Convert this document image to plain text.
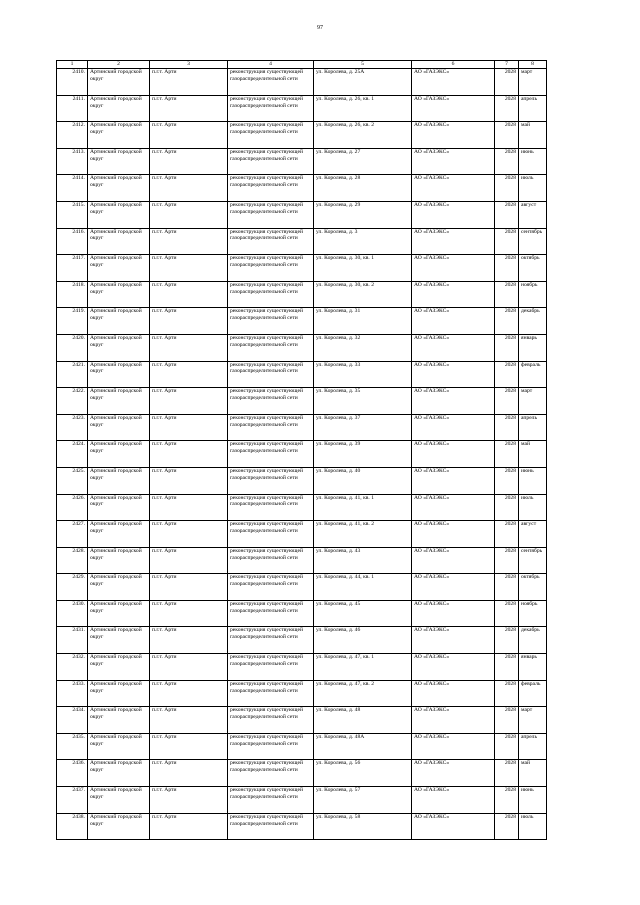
97
1	2	3	4	5	6	7	8
2410.	Артинский городской округ	п.г.т. Арти	реконструкция существующей газораспределительной сети	ул. Королева, д. 25А	АО «ГАЗЭКС»	2028	март
2411.	Артинский городской округ	п.г.т. Арти	реконструкция существующей газораспределительной сети	ул. Королева, д. 26, кв. 1	АО «ГАЗЭКС»	2028	апрель
2412.	Артинский городской округ	п.г.т. Арти	реконструкция существующей газораспределительной сети	ул. Королева, д. 26, кв. 2	АО «ГАЗЭКС»	2028	май
2413.	Артинский городской округ	п.г.т. Арти	реконструкция существующей газораспределительной сети	ул. Королева, д. 27	АО «ГАЗЭКС»	2028	июнь
2414.	Артинский городской округ	п.г.т. Арти	реконструкция существующей газораспределительной сети	ул. Королева, д. 28	АО «ГАЗЭКС»	2028	июль
2415.	Артинский городской округ	п.г.т. Арти	реконструкция существующей газораспределительной сети	ул. Королева, д. 29	АО «ГАЗЭКС»	2028	август
2416.	Артинский городской округ	п.г.т. Арти	реконструкция существующей газораспределительной сети	ул. Королева, д. 3	АО «ГАЗЭКС»	2028	сентябрь
2417.	Артинский городской округ	п.г.т. Арти	реконструкция существующей газораспределительной сети	ул. Королева, д. 30, кв. 1	АО «ГАЗЭКС»	2028	октябрь
2418.	Артинский городской округ	п.г.т. Арти	реконструкция существующей газораспределительной сети	ул. Королева, д. 30, кв. 2	АО «ГАЗЭКС»	2028	ноябрь
2419.	Артинский городской округ	п.г.т. Арти	реконструкция существующей газораспределительной сети	ул. Королева, д. 31	АО «ГАЗЭКС»	2028	декабрь
2420.	Артинский городской округ	п.г.т. Арти	реконструкция существующей газораспределительной сети	ул. Королева, д. 32	АО «ГАЗЭКС»	2028	январь
2421.	Артинский городской округ	п.г.т. Арти	реконструкция существующей газораспределительной сети	ул. Королева, д. 33	АО «ГАЗЭКС»	2028	февраль
2422.	Артинский городской округ	п.г.т. Арти	реконструкция существующей газораспределительной сети	ул. Королева, д. 35	АО «ГАЗЭКС»	2028	март
2423.	Артинский городской округ	п.г.т. Арти	реконструкция существующей газораспределительной сети	ул. Королева, д. 37	АО «ГАЗЭКС»	2028	апрель
2424.	Артинский городской округ	п.г.т. Арти	реконструкция существующей газораспределительной сети	ул. Королева, д. 39	АО «ГАЗЭКС»	2028	май
2425.	Артинский городской округ	п.г.т. Арти	реконструкция существующей газораспределительной сети	ул. Королева, д. 40	АО «ГАЗЭКС»	2028	июнь
2426.	Артинский городской округ	п.г.т. Арти	реконструкция существующей газораспределительной сети	ул. Королева, д. 41, кв. 1	АО «ГАЗЭКС»	2028	июль
2427.	Артинский городской округ	п.г.т. Арти	реконструкция существующей газораспределительной сети	ул. Королева, д. 41, кв. 2	АО «ГАЗЭКС»	2028	август
2428.	Артинский городской округ	п.г.т. Арти	реконструкция существующей газораспределительной сети	ул. Королева, д. 43	АО «ГАЗЭКС»	2028	сентябрь
2429.	Артинский городской округ	п.г.т. Арти	реконструкция существующей газораспределительной сети	ул. Королева, д. 44, кв. 1	АО «ГАЗЭКС»	2028	октябрь
2430.	Артинский городской округ	п.г.т. Арти	реконструкция существующей газораспределительной сети	ул. Королева, д. 45	АО «ГАЗЭКС»	2028	ноябрь
2431.	Артинский городской округ	п.г.т. Арти	реконструкция существующей газораспределительной сети	ул. Королева, д. 46	АО «ГАЗЭКС»	2028	декабрь
2432.	Артинский городской округ	п.г.т. Арти	реконструкция существующей газораспределительной сети	ул. Королева, д. 47, кв. 1	АО «ГАЗЭКС»	2028	январь
2433.	Артинский городской округ	п.г.т. Арти	реконструкция существующей газораспределительной сети	ул. Королева, д. 47, кв. 2	АО «ГАЗЭКС»	2028	февраль
2434.	Артинский городской округ	п.г.т. Арти	реконструкция существующей газораспределительной сети	ул. Королева, д. 48	АО «ГАЗЭКС»	2028	март
2435.	Артинский городской округ	п.г.т. Арти	реконструкция существующей газораспределительной сети	ул. Королева, д. 48А	АО «ГАЗЭКС»	2028	апрель
2436.	Артинский городской округ	п.г.т. Арти	реконструкция существующей газораспределительной сети	ул. Королева, д. 56	АО «ГАЗЭКС»	2028	май
2437.	Артинский городской округ	п.г.т. Арти	реконструкция существующей газораспределительной сети	ул. Королева, д. 57	АО «ГАЗЭКС»	2028	июнь
2438.	Артинский городской округ	п.г.т. Арти	реконструкция существующей газораспределительной сети	ул. Королева, д. 58	АО «ГАЗЭКС»	2028	июль
